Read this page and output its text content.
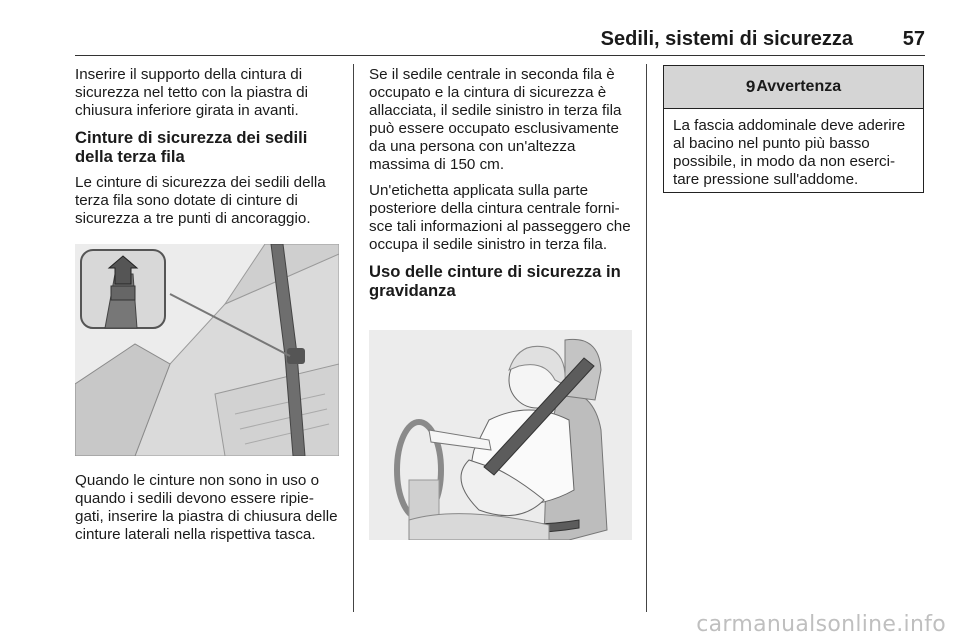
Sedili, sistemi di sicurezza 57

Inserire il supporto della cintura di sicurezza nel tetto con la piastra di chiusura inferiore girata in avanti.

Cinture di sicurezza dei sedili della terza fila

Le cinture di sicurezza dei sedili della terza fila sono dotate di cinture di sicurezza a tre punti di ancoraggio.

Quando le cinture non sono in uso o quando i sedili devono essere ripie-gati, inserire la piastra di chiusura delle cinture laterali nella rispettiva tasca.

Se il sedile centrale in seconda fila è occupato e la cintura di sicurezza è allacciata, il sedile sinistro in terza fila può essere occupato esclusivamente da una persona con un'altezza massima di 150 cm.

Un'etichetta applicata sulla parte posteriore della cintura centrale forni-sce tali informazioni al passeggero che occupa il sedile sinistro in terza fila.

Uso delle cinture di sicurezza in gravidanza
9 Avvertenza
La fascia addominale deve aderire al bacino nel punto più basso possibile, in modo da non eserci-tare pressione sull'addome.
carmanualsonline.info
